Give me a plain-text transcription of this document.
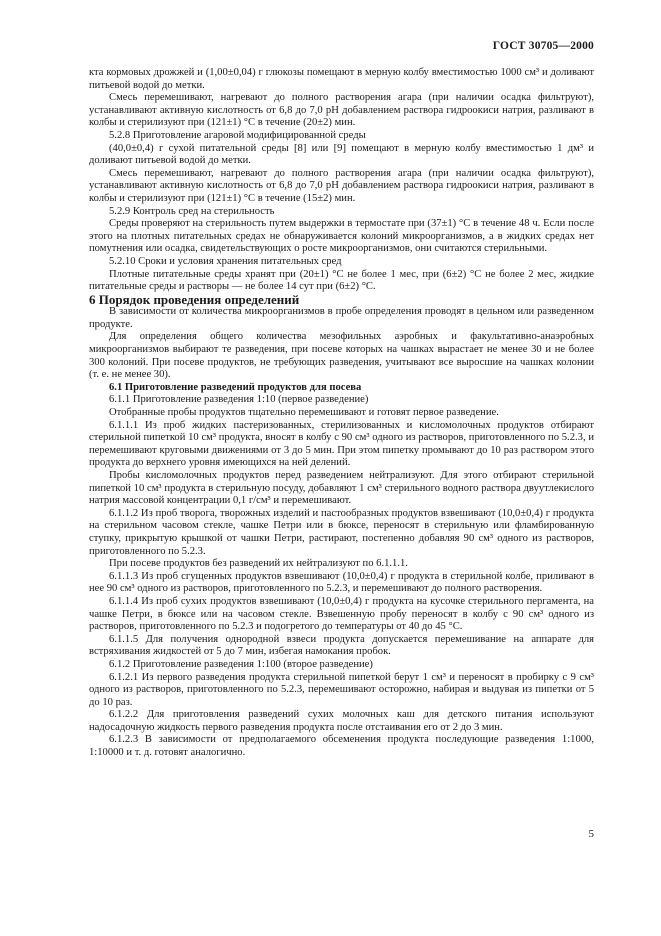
ГОСТ 30705—2000

кта кормовых дрожжей и (1,00±0,04) г глюкозы помещают в мерную колбу вместимостью 1000 см³ и доливают питьевой водой до метки.

Смесь перемешивают, нагревают до полного растворения агара (при наличии осадка фильтруют), устанавливают активную кислотность от 6,8 до 7,0 pH добавлением раствора гидроокиси натрия, разливают в колбы и стерилизуют при (121±1) °С в течение (20±2) мин.

5.2.8 Приготовление агаровой модифицированной среды

(40,0±0,4) г сухой питательной среды [8] или [9] помещают в мерную колбу вместимостью 1 дм³ и доливают питьевой водой до метки.

Смесь перемешивают, нагревают до полного растворения агара (при наличии осадка фильтруют), устанавливают активную кислотность от 6,8 до 7,0 pH добавлением раствора гидроокиси натрия, разливают в колбы и стерилизуют при (121±1) °С в течение (15±2) мин.

5.2.9 Контроль сред на стерильность

Среды проверяют на стерильность путем выдержки в термостате при (37±1) °С в течение 48 ч. Если после этого на плотных питательных средах не обнаруживается колоний микроорганизмов, а в жидких средах нет помутнения или осадка, свидетельствующих о росте микроорганизмов, они считаются стерильными.

5.2.10 Сроки и условия хранения питательных сред

Плотные питательные среды хранят при (20±1) °С не более 1 мес, при (6±2) °С не более 2 мес, жидкие питательные среды и растворы — не более 14 сут при (6±2) °С.

6 Порядок проведения определений

В зависимости от количества микроорганизмов в пробе определения проводят в цельном или разведенном продукте.

Для определения общего количества мезофильных аэробных и факультативно-анаэробных микроорганизмов выбирают те разведения, при посеве которых на чашках вырастает не менее 30 и не более 300 колоний. При посеве продуктов, не требующих разведения, учитывают все выросшие на чашках колонии (т. е. не менее 30).

6.1 Приготовление разведений продуктов для посева

6.1.1 Приготовление разведения 1:10 (первое разведение)

Отобранные пробы продуктов тщательно перемешивают и готовят первое разведение.

6.1.1.1 Из проб жидких пастеризованных, стерилизованных и кисломолочных продуктов отбирают стерильной пипеткой 10 см³ продукта, вносят в колбу с 90 см³ одного из растворов, приготовленного по 5.2.3, и перемешивают круговыми движениями от 3 до 5 мин. При этом пипетку промывают до 10 раз раствором этого продукта до верхнего уровня имеющихся на ней делений.

Пробы кисломолочных продуктов перед разведением нейтрализуют. Для этого отбирают стерильной пипеткой 10 см³ продукта в стерильную посуду, добавляют 1 см³ стерильного водного раствора двуутлекислого натрия массовой концентрации 0,1 г/см³ и перемешивают.

6.1.1.2 Из проб творога, творожных изделий и пастообразных продуктов взвешивают (10,0±0,4) г продукта на стерильном часовом стекле, чашке Петри или в бюксе, переносят в стерильную или фламбированную ступку, прикрытую крышкой от чашки Петри, растирают, постепенно добавляя 90 см³ одного из растворов, приготовленного по 5.2.3.

При посеве продуктов без разведений их нейтрализуют по 6.1.1.1.

6.1.1.3 Из проб сгущенных продуктов взвешивают (10,0±0,4) г продукта в стерильной колбе, приливают в нее 90 см³ одного из растворов, приготовленного по 5.2.3, и перемешивают до полного растворения.

6.1.1.4 Из проб сухих продуктов взвешивают (10,0±0,4) г продукта на кусочке стерильного пергамента, на чашке Петри, в бюксе или на часовом стекле. Взвешенную пробу переносят в колбу с 90 см³ одного из растворов, приготовленного по 5.2.3 и подогретого до температуры от 40 до 45 °С.

6.1.1.5 Для получения однородной взвеси продукта допускается перемешивание на аппарате для встряхивания жидкостей от 5 до 7 мин, избегая намокания пробок.

6.1.2 Приготовление разведения 1:100 (второе разведение)

6.1.2.1 Из первого разведения продукта стерильной пипеткой берут 1 см³ и переносят в пробирку с 9 см³ одного из растворов, приготовленного по 5.2.3, перемешивают осторожно, набирая и выдувая из пипетки от 5 до 10 раз.

6.1.2.2 Для приготовления разведений сухих молочных каш для детского питания используют надосадочную жидкость первого разведения продукта после отстаивания его от 2 до 3 мин.

6.1.2.3 В зависимости от предполагаемого обсеменения продукта последующие разведения 1:1000, 1:10000 и т. д. готовят аналогично.

5
